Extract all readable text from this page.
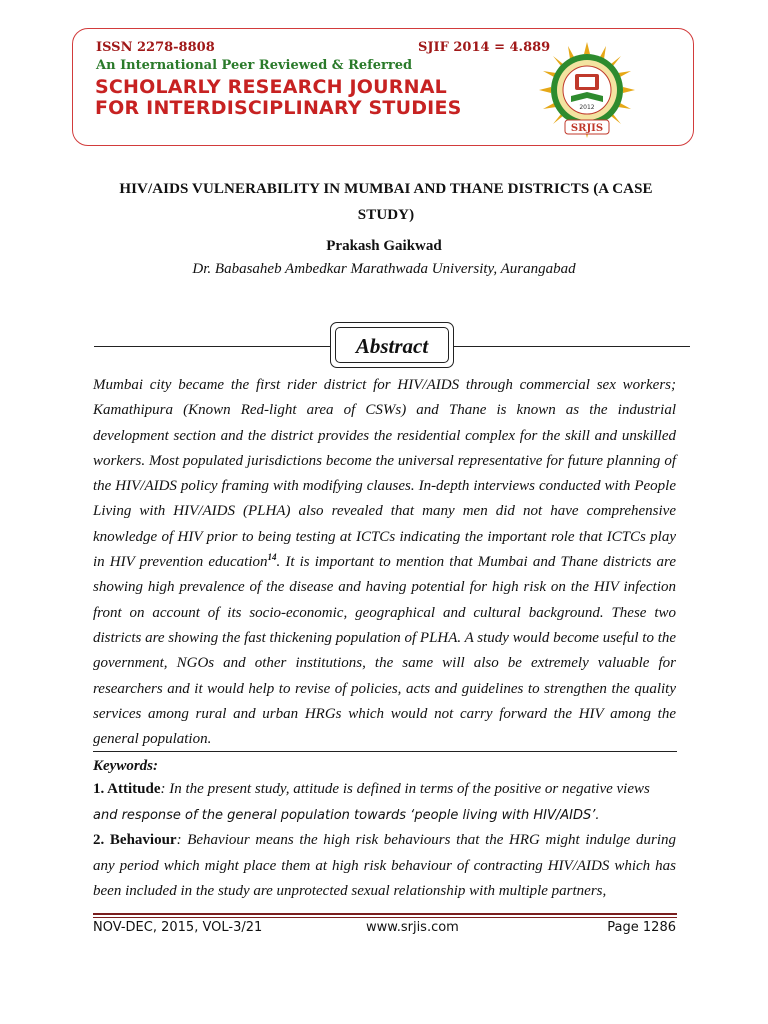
ISSN 2278-8808	SJIF 2014 = 4.889
An International Peer Reviewed & Referred
SCHOLARLY RESEARCH JOURNAL
FOR INTERDISCIPLINARY STUDIES	2012
SRJIS
HIV/AIDS VULNERABILITY IN MUMBAI AND THANE DISTRICTS (A CASE
STUDY)
Prakash Gaikwad
Dr. Babasaheb Ambedkar Marathwada University, Aurangabad
Abstract
Mumbai city became the first rider district for HIV/AIDS through commercial sex workers; Kamathipura (Known Red-light area of CSWs) and Thane is known as the industrial development section and the district provides the residential complex for the skill and unskilled workers. Most populated jurisdictions become the universal representative for future planning of the HIV/AIDS policy framing with modifying clauses. In-depth interviews conducted with People Living with HIV/AIDS (PLHA) also revealed that many men did not have comprehensive knowledge of HIV prior to being testing at ICTCs indicating the important role that ICTCs play in HIV prevention education$^{14}$. It is important to mention that Mumbai and Thane districts are showing high prevalence of the disease and having potential for high risk on the HIV infection front on account of its socio-economic, geographical and cultural background. These two districts are showing the fast thickening population of PLHA. A study would become useful to the government, NGOs and other institutions, the same will also be extremely valuable for researchers and it would help to revise of policies, acts and guidelines to strengthen the quality services among rural and urban HRGs which would not carry forward the HIV among the general population.
Keywords:
1. Attitude: In the present study, attitude is defined in terms of the positive or negative views
and response of the general population towards ‘people living with HIV/AIDS’.
2. Behaviour: Behaviour means the high risk behaviours that the HRG might indulge during any period which might place them at high risk behaviour of contracting HIV/AIDS which has been included in the study are unprotected sexual relationship with multiple partners,
NOV-DEC, 2015, VOL-3/21	www.srjis.com	Page 1286
